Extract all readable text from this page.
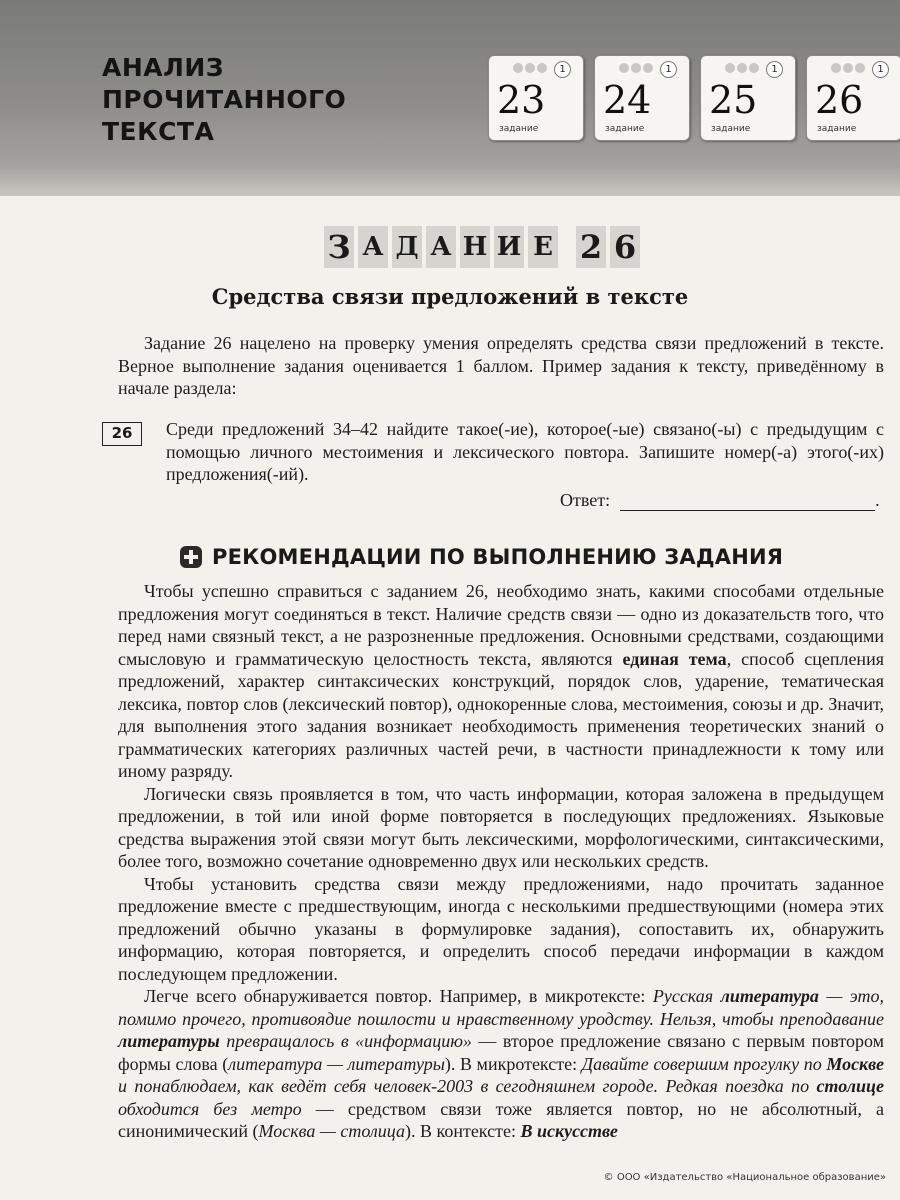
АНАЛИЗ
ПРОЧИТАННОГО
ТЕКСТА
1
23
задание
1
24
задание
1
25
задание
1
26
задание
З А Д А Н И Е 2 6
Средства связи предложений в тексте
Задание 26 нацелено на проверку умения определять средства связи предложений в тексте. Верное выполнение задания оценивается 1 баллом. Пример задания к тексту, приведённому в начале раздела:
26	Среди предложений 34–42 найдите такое(-ие), которое(-ые) связано(-ы) с предыдущим с помощью личного местоимения и лексического повтора. Запишите номер(-а) этого(-их) предложения(-ий).
Ответ:	.
РЕКОМЕНДАЦИИ ПО ВЫПОЛНЕНИЮ ЗАДАНИЯ

Чтобы успешно справиться с заданием 26, необходимо знать, какими способами отдельные предложения могут соединяться в текст. Наличие средств связи — одно из доказательств того, что перед нами связный текст, а не разрозненные предложения. Основными средствами, создающими смысловую и грамматическую целостность текста, являются единая тема, способ сцепления предложений, характер синтаксических конструкций, порядок слов, ударение, тематическая лексика, повтор слов (лексический повтор), однокоренные слова, местоимения, союзы и др. Значит, для выполнения этого задания возникает необходимость применения теоретических знаний о грамматических категориях различных частей речи, в частности принадлежности к тому или иному разряду.

Логически связь проявляется в том, что часть информации, которая заложена в предыдущем предложении, в той или иной форме повторяется в последующих предложениях. Языковые средства выражения этой связи могут быть лексическими, морфологическими, синтаксическими, более того, возможно сочетание одновременно двух или нескольких средств.

Чтобы установить средства связи между предложениями, надо прочитать заданное предложение вместе с предшествующим, иногда с несколькими предшествующими (номера этих предложений обычно указаны в формулировке задания), сопоставить их, обнаружить информацию, которая повторяется, и определить способ передачи информации в каждом последующем предложении.

Легче всего обнаруживается повтор. Например, в микротексте: Русская литература — это, помимо прочего, противоядие пошлости и нравственному уродству. Нельзя, чтобы преподавание литературы превращалось в «информацию» — второе предложение связано с первым повтором формы слова (литература — литературы). В микротексте: Давайте совершим прогулку по Москве и понаблюдаем, как ведёт себя человек-2003 в сегодняшнем городе. Редкая поездка по столице обходится без метро — средством связи тоже является повтор, но не абсолютный, а синонимический (Москва — столица). В контексте: В искусстве

© ООО «Издательство «Национальное образование»
